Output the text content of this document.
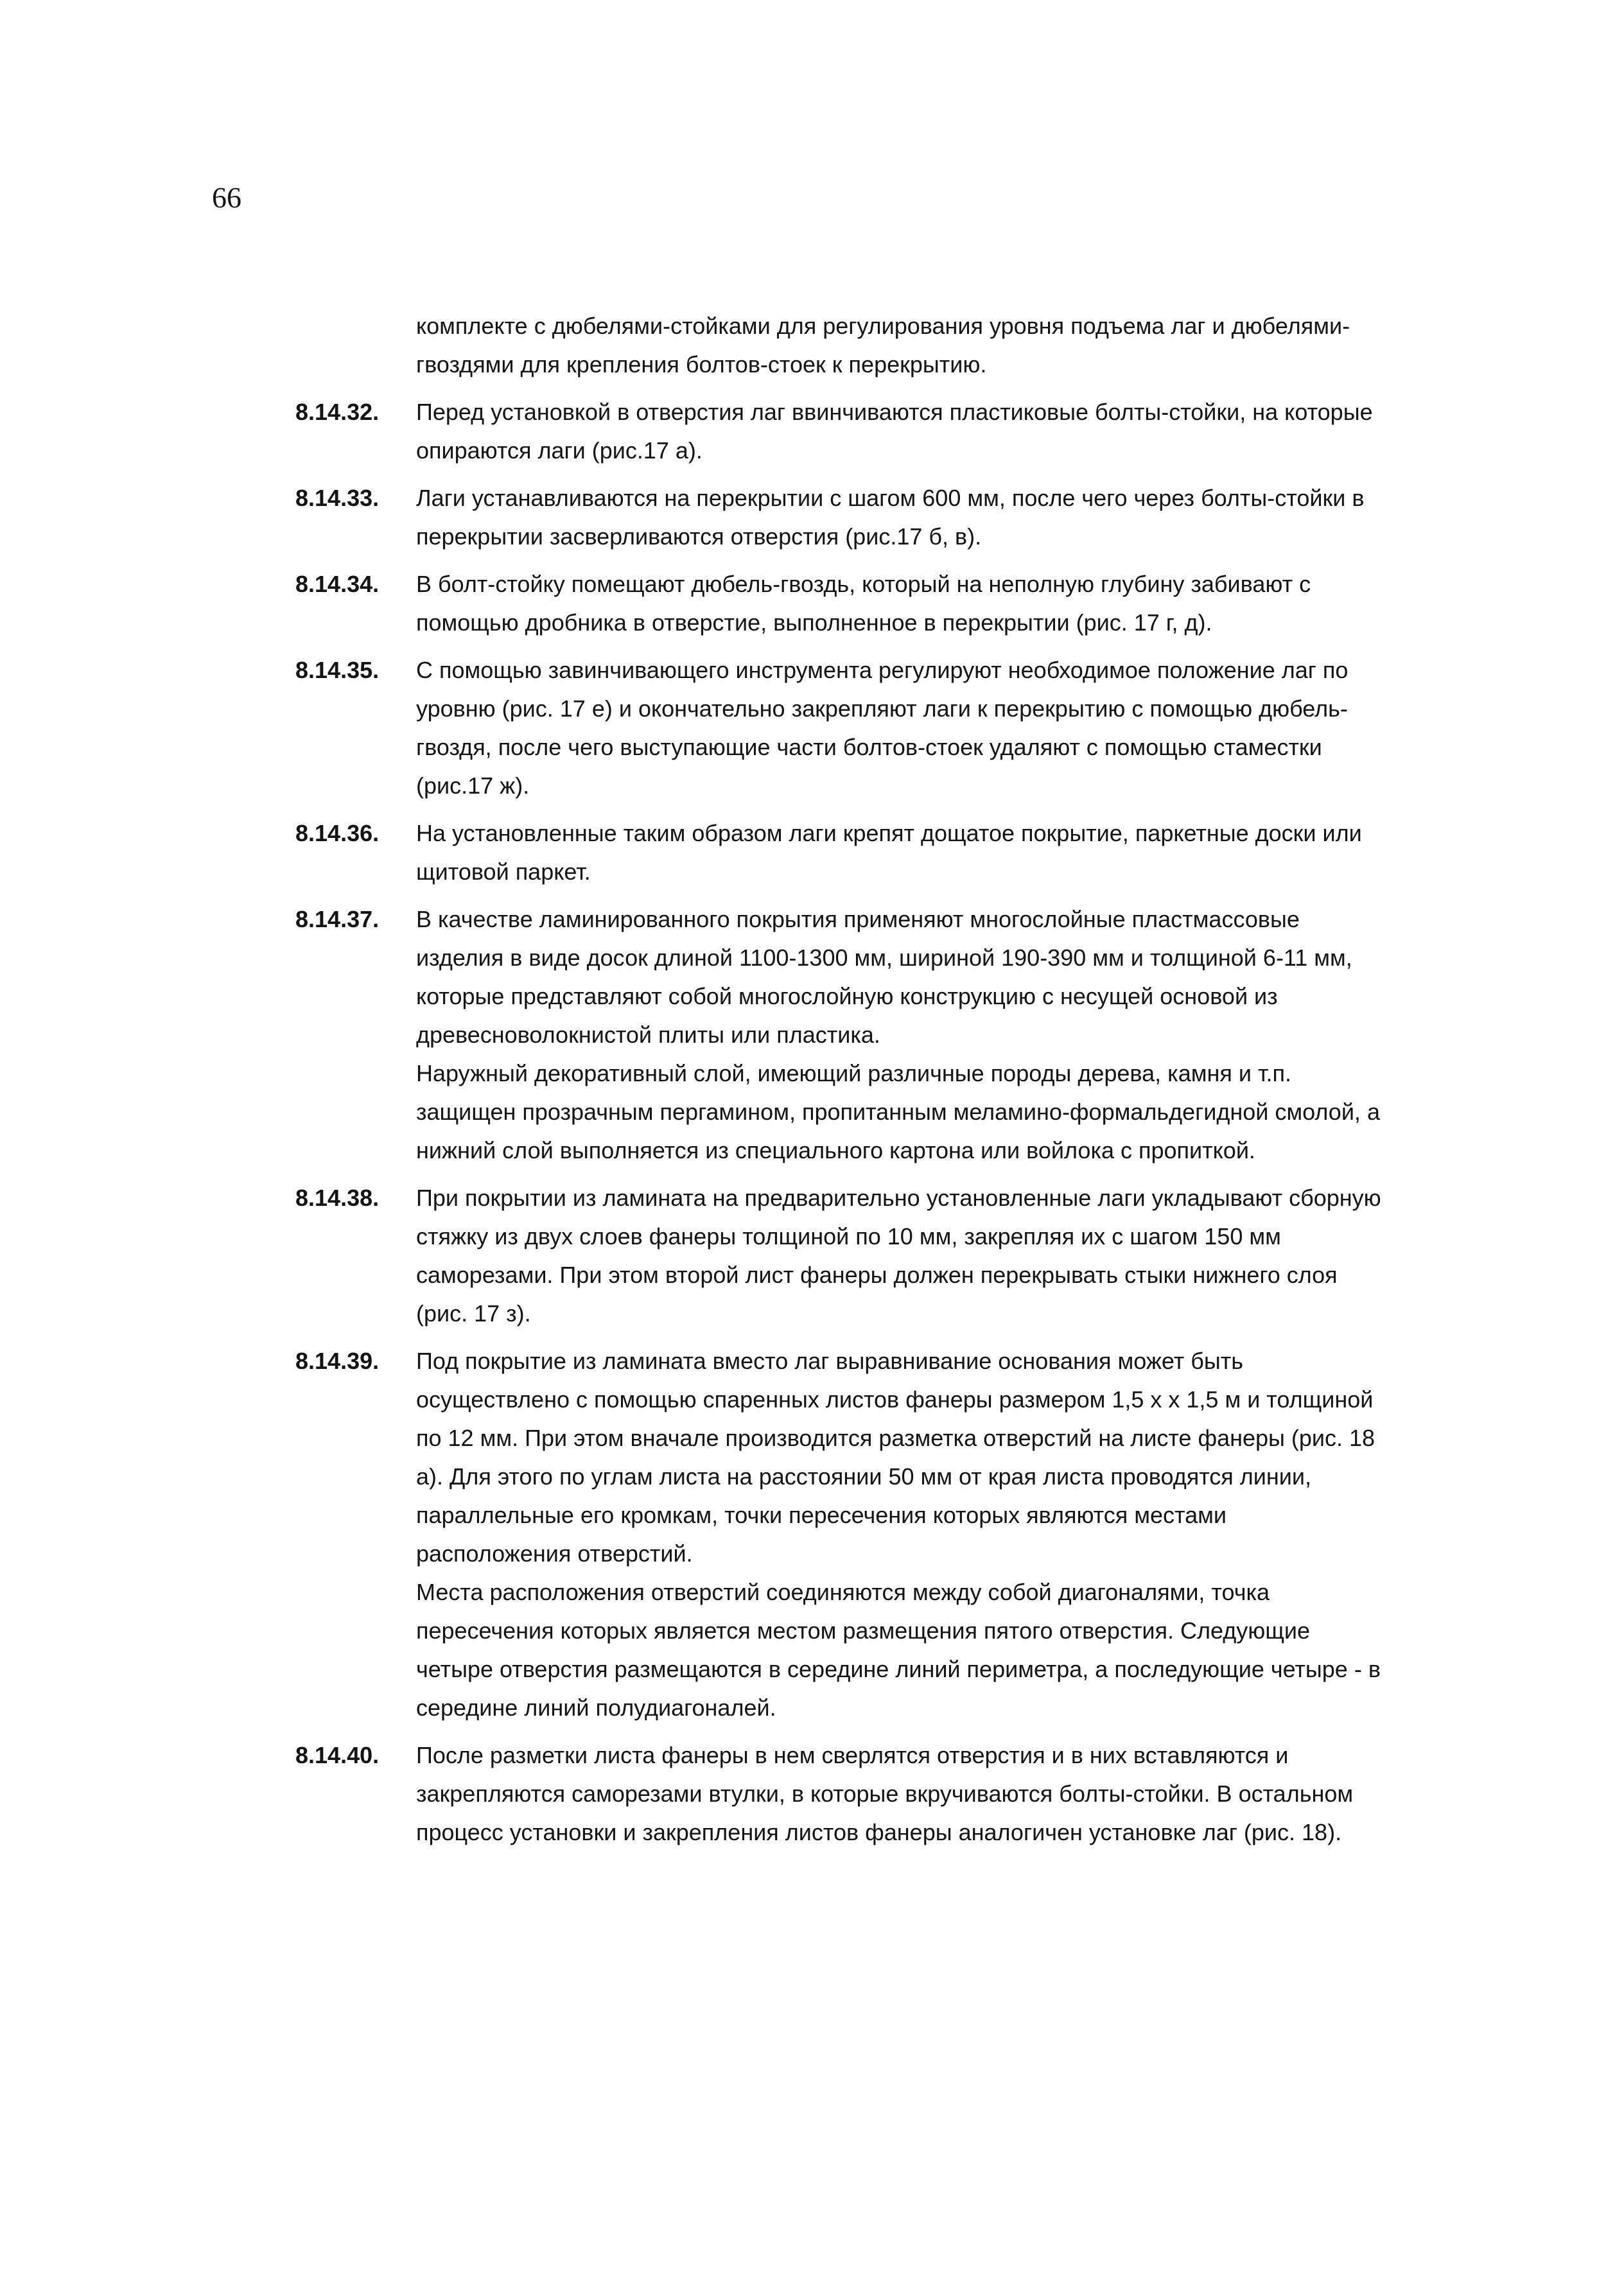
66

комплекте с дюбелями-стойками для регулирования уровня подъема лаг и дюбелями-гвоздями для крепления болтов-стоек к перекрытию.

8.14.32. Перед установкой в отверстия лаг ввинчиваются пластиковые болты-стойки, на которые опираются лаги (рис.17 а).

8.14.33. Лаги устанавливаются на перекрытии с шагом 600 мм, после чего через болты-стойки в перекрытии засверливаются отверстия (рис.17 б, в).

8.14.34. В болт-стойку помещают дюбель-гвоздь, который на неполную глубину забивают с помощью дробника в отверстие, выполненное в перекрытии (рис. 17 г, д).

8.14.35. С помощью завинчивающего инструмента регулируют необходимое положение лаг по уровню (рис. 17 е) и окончательно закрепляют лаги к перекрытию с помощью дюбель-гвоздя, после чего выступающие части болтов-стоек удаляют с помощью стамеcтки (рис.17 ж).

8.14.36. На установленные таким образом лаги крепят дощатое покрытие, паркетные доски или щитовой паркет.

8.14.37. В качестве ламинированного покрытия применяют многослойные пластмассовые изделия в виде досок длиной 1100-1300 мм, шириной 190-390 мм и толщиной 6-11 мм, которые представляют собой многослойную конструкцию с несущей основой из древесноволокнистой плиты или пластика.

Наружный декоративный слой, имеющий различные породы дерева, камня и т.п. защищен прозрачным пергамином, пропитанным меламино-формальдегидной смолой, а нижний слой выполняется из специального картона или войлока с пропиткой.

8.14.38. При покрытии из ламината на предварительно установленные лаги укладывают сборную стяжку из двух слоев фанеры толщиной по 10 мм, закрепляя их с шагом 150 мм саморезами. При этом второй лист фанеры должен перекрывать стыки нижнего слоя (рис. 17 з).

8.14.39. Под покрытие из ламината вместо лаг выравнивание основания может быть осуществлено с помощью спаренных листов фанеры размером 1,5 x x 1,5 м и толщиной по 12 мм. При этом вначале производится разметка отверстий на листе фанеры (рис. 18 а). Для этого по углам листа на расстоянии 50 мм от края листа проводятся линии, параллельные его кромкам, точки пересечения которых являются местами расположения отверстий.

Места расположения отверстий соединяются между собой диагоналями, точка пересечения которых является местом размещения пятого отверстия. Следующие четыре отверстия размещаются в середине линий периметра, а последующие четыре - в середине линий полудиагоналей.

8.14.40. После разметки листа фанеры в нем сверлятся отверстия и в них вставляются и закрепляются саморезами втулки, в которые вкручиваются болты-стойки. В остальном процесс установки и закрепления листов фанеры аналогичен установке лаг (рис. 18).
